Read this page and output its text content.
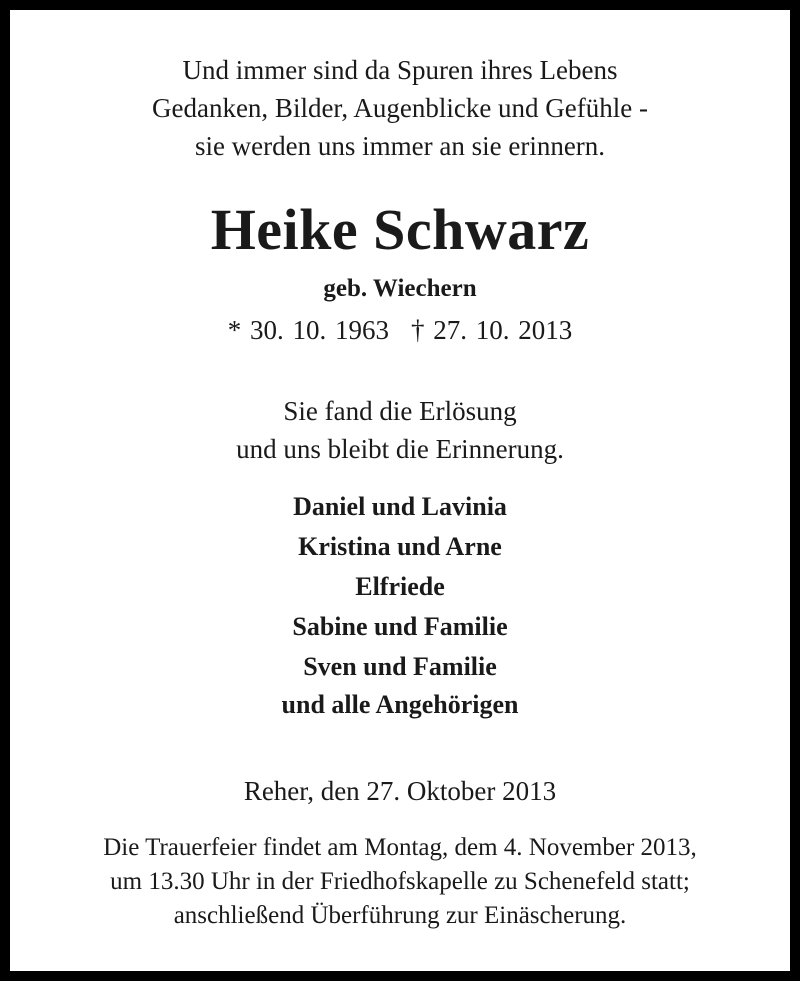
Und immer sind da Spuren ihres Lebens
Gedanken, Bilder, Augenblicke und Gefühle -
sie werden uns immer an sie erinnern.
Heike Schwarz
geb. Wiechern
* 30. 10. 1963 † 27. 10. 2013
Sie fand die Erlösung
und uns bleibt die Erinnerung.
Daniel und Lavinia
Kristina und Arne
Elfriede
Sabine und Familie
Sven und Familie
und alle Angehörigen
Reher, den 27. Oktober 2013
Die Trauerfeier findet am Montag, dem 4. November 2013,
um 13.30 Uhr in der Friedhofskapelle zu Schenefeld statt;
anschließend Überführung zur Einäscherung.
